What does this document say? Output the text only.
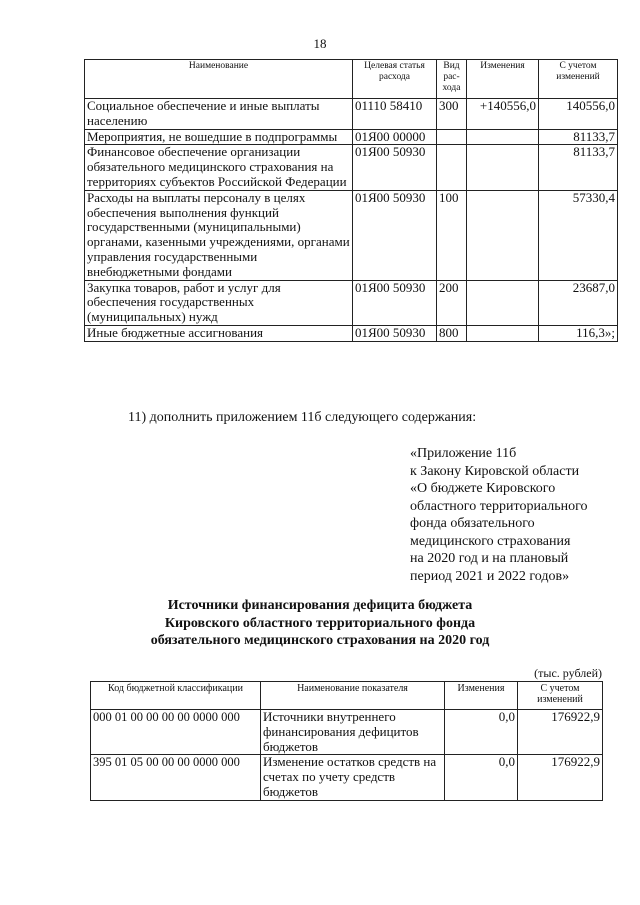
18
Наименование	Целевая статья расхода	Вид рас-хода	Изменения	С учетом изменений
Социальное обеспечение и иные выплаты населению	01110 58410	300	+140556,0	140556,0
Мероприятия, не вошедшие в подпрограммы	01Я00 00000			81133,7
Финансовое обеспечение организации обязательного медицинского страхования на территориях субъектов Российской Федерации	01Я00 50930			81133,7
Расходы на выплаты персоналу в целях обеспечения выполнения функций государственными (муниципальными) органами, казенными учреждениями, органами управления государственными внебюджетными фондами	01Я00 50930	100		57330,4
Закупка товаров, работ и услуг для обеспечения государственных (муниципальных) нужд	01Я00 50930	200		23687,0
Иные бюджетные ассигнования	01Я00 50930	800		116,3»;
11) дополнить приложением 11б следующего содержания:
«Приложение 11б
к Закону Кировской области
«О бюджете Кировского
областного территориального
фонда обязательного
медицинского страхования
на 2020 год и на плановый
период 2021 и 2022 годов»
Источники финансирования дефицита бюджета
Кировского областного территориального фонда
обязательного медицинского страхования на 2020 год
(тыс. рублей)
Код бюджетной классификации	Наименование показателя	Изменения	С учетом изменений
000 01 00 00 00 00 0000 000	Источники внутреннего финансирования дефицитов бюджетов	0,0	176922,9
395 01 05 00 00 00 0000 000	Изменение остатков средств на счетах по учету средств бюджетов	0,0	176922,9
